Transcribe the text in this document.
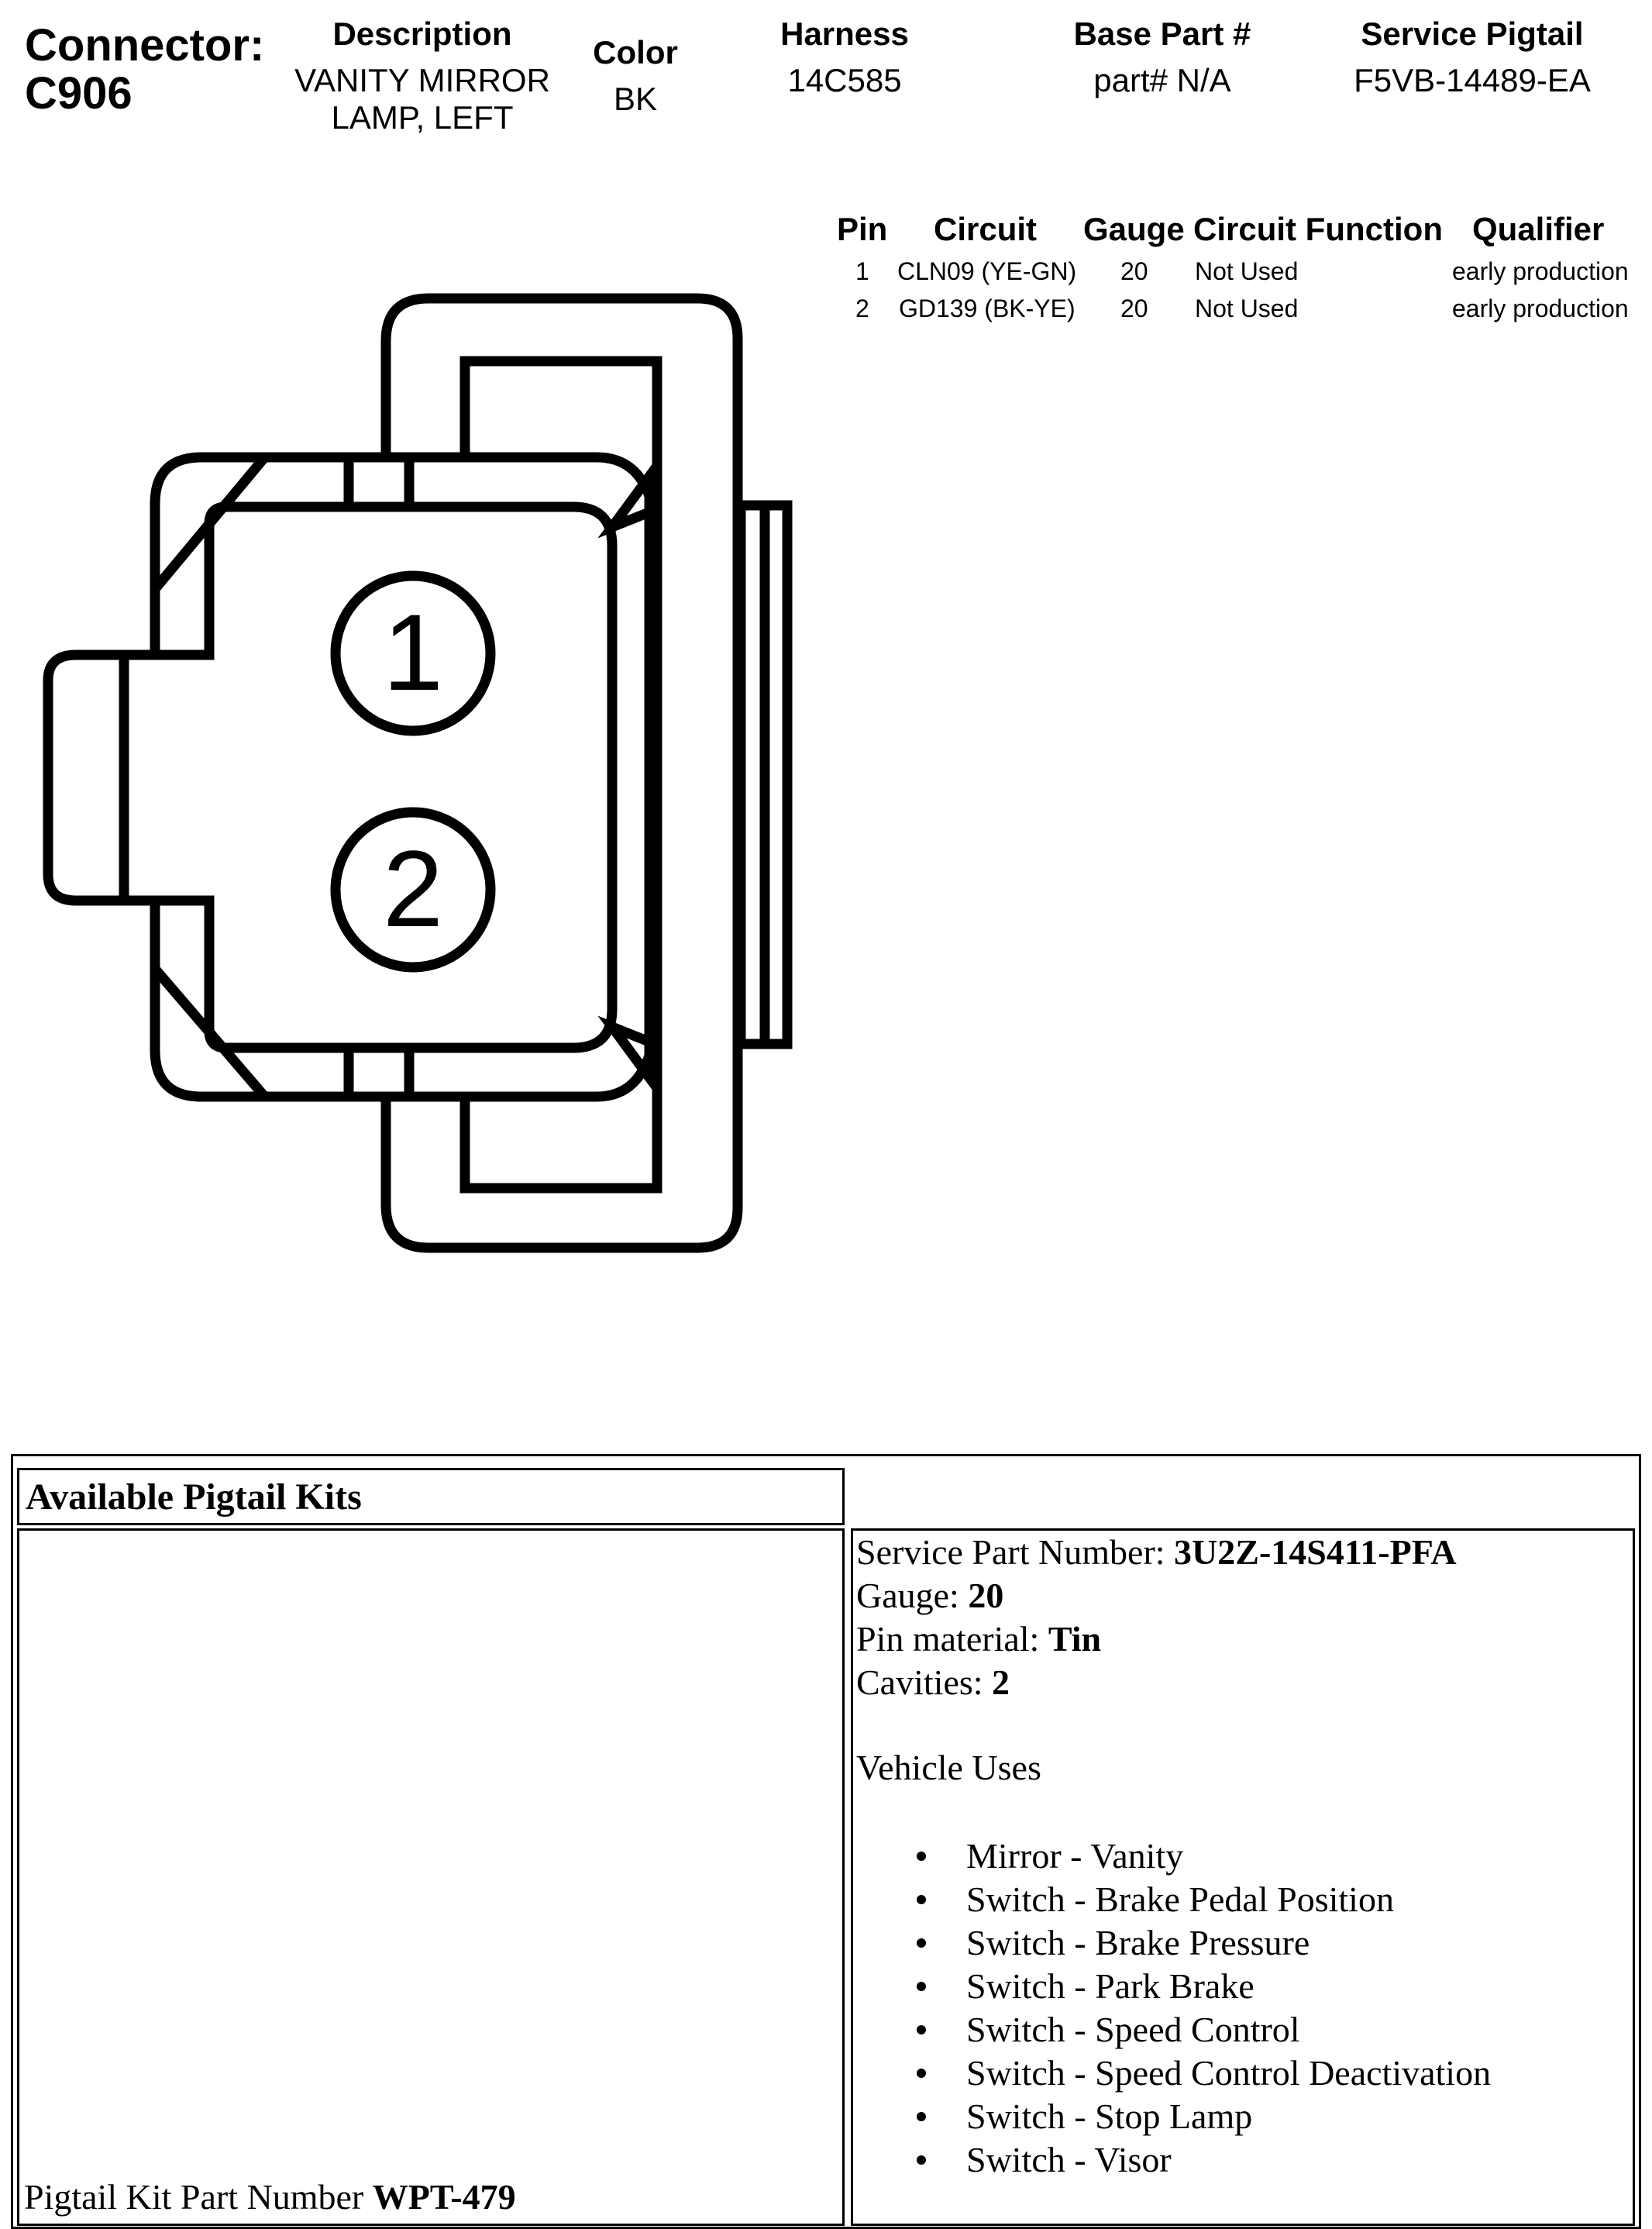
Connector:
C906
Description
VANITY MIRROR
LAMP, LEFT
Color
BK
Harness
14C585
Base Part #
part# N/A
Service Pigtail
F5VB-14489-EA
Pin Circuit Gauge Circuit Function Qualifier
1 CLN09 (YE-GN) 20 Not Used	early production
2 GD139 (BK-YE) 20 Not Used	early production
1
2
Available Pigtail Kits
Pigtail Kit Part Number WPT-479
Service Part Number: 3U2Z-14S411-PFA
Gauge: 20
Pin material: Tin
Cavities: 2
Vehicle Uses
Mirror - Vanity
Switch - Brake Pedal Position
Switch - Brake Pressure
Switch - Park Brake
Switch - Speed Control
Switch - Speed Control Deactivation
Switch - Stop Lamp
Switch - Visor
